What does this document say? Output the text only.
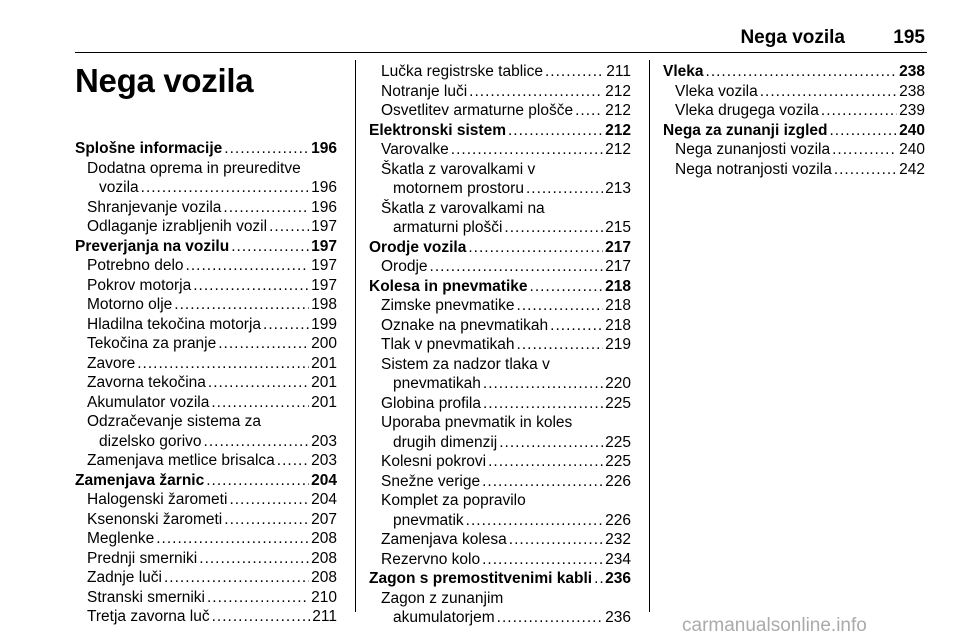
Nega vozila	195
Nega vozila
Splošne informacije .....	196
Dodatna oprema in preureditve
vozila .....	196
Shranjevanje vozila .....	196
Odlaganje izrabljenih vozil .....	197
Preverjanja na vozilu .....	197
Potrebno delo .....	197
Pokrov motorja .....	197
Motorno olje .....	198
Hladilna tekočina motorja .....	199
Tekočina za pranje .....	200
Zavore .....	201
Zavorna tekočina .....	201
Akumulator vozila .....	201
Odzračevanje sistema za
dizelsko gorivo .....	203
Zamenjava metlice brisalca ..... 203
Zamenjava žarnic .....	204
Halogenski žarometi .....	204
Ksenonski žarometi .....	207
Meglenke .....	208
Prednji smerniki .....	208
Zadnje luči .....	208
Stranski smerniki .....	210
Tretja zavorna luč .....	211
Lučka registrske tablice .....	211
Notranje luči .....	212
Osvetlitev armaturne plošče ..... 212
Elektronski sistem .....	212
Varovalke .....	212
Škatla z varovalkami v
motornem prostoru .....	213
Škatla z varovalkami na
armaturni plošči .....	215
Orodje vozila .....	217
Orodje .....	217
Kolesa in pnevmatike .....	218
Zimske pnevmatike .....	218
Oznake na pnevmatikah .....	218
Tlak v pnevmatikah .....	219
Sistem za nadzor tlaka v
pnevmatikah .....	220
Globina profila .....	225
Uporaba pnevmatik in koles
drugih dimenzij .....	225
Kolesni pokrovi .....	225
Snežne verige .....	226
Komplet za popravilo
pnevmatik .....	226
Zamenjava kolesa .....	232
Rezervno kolo .....	234
Zagon s premostitvenimi kabli ..... 236
Zagon z zunanjim
akumulatorjem .....	236
Vleka .....	238
Vleka vozila .....	238
Vleka drugega vozila .....	239
Nega za zunanji izgled .....	240
Nega zunanjosti vozila .....	240
Nega notranjosti vozila .....	242
carmanualsonline.info
